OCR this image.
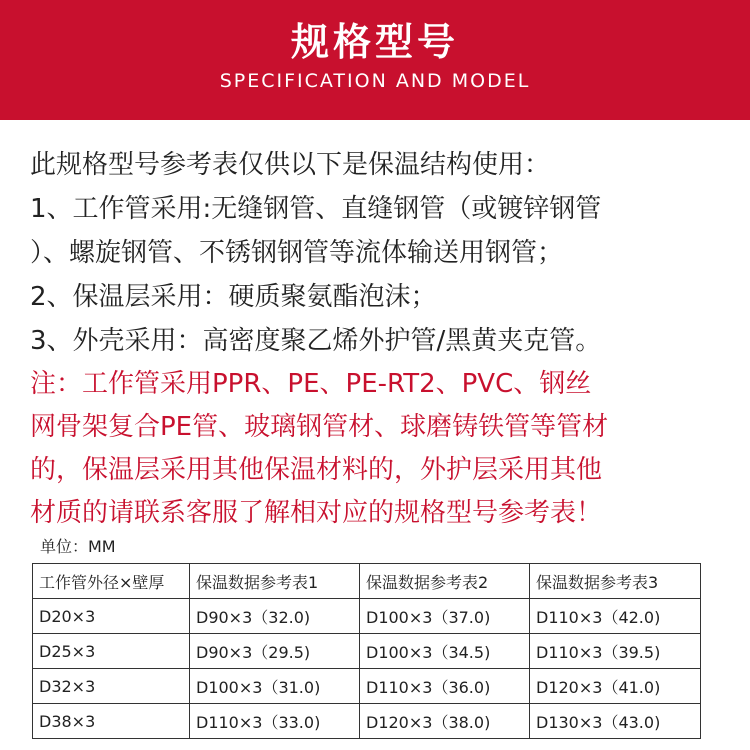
规格型号
SPECIFICATION AND MODEL

此规格型号参考表仅供以下是保温结构使用：

1、工作管采用:无缝钢管、直缝钢管（或镀锌钢管

）、螺旋钢管、不锈钢钢管等流体输送用钢管；

2、保温层采用：硬质聚氨酯泡沫；

3、外壳采用：高密度聚乙烯外护管/黑黄夹克管。

注：工作管采用PPR、PE、PE-RT2、PVC、钢丝

网骨架复合PE管、玻璃钢管材、球磨铸铁管等管材

的，保温层采用其他保温材料的，外护层采用其他

材质的请联系客服了解相对应的规格型号参考表！

单位：MM
工作管外径×壁厚	保温数据参考表1	保温数据参考表2	保温数据参考表3
D20×3	D90×3（32.0)	D100×3（37.0)	D110×3（42.0)
D25×3	D90×3（29.5)	D100×3（34.5)	D110×3（39.5)
D32×3	D100×3（31.0)	D110×3（36.0)	D120×3（41.0)
D38×3	D110×3（33.0)	D120×3（38.0)	D130×3（43.0)
